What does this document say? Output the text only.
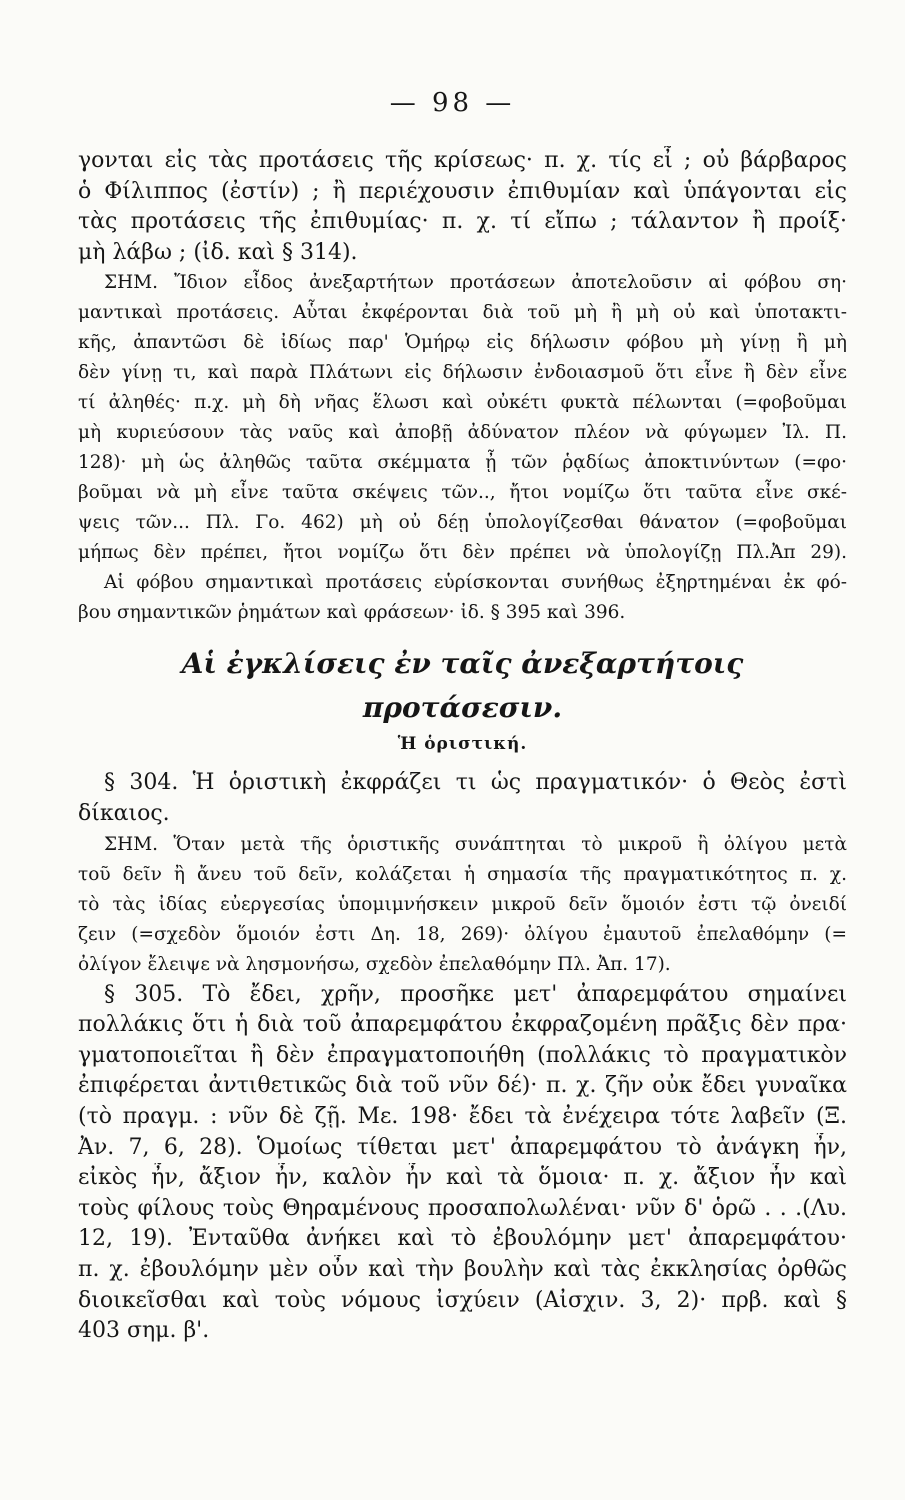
— 98 —

γονται εἰς τὰς προτάσεις τῆς κρίσεως· π. χ. τίς εἶ ; οὐ βάρβαρος

ὁ Φίλιππος (ἐστίν) ; ἢ περιέχουσιν ἐπιθυμίαν καὶ ὑπάγονται εἰς

τὰς προτάσεις τῆς ἐπιθυμίας· π. χ. τί εἴπω ; τάλαντον ἢ προίξ·

μὴ λάβω ; (ἰδ. καὶ § 314).

ΣΗΜ. Ἴδιον εἶδος ἀνεξαρτήτων προτάσεων ἀποτελοῦσιν αἱ φόβου ση·

μαντικαὶ προτάσεις. Αὗται ἐκφέρονται διὰ τοῦ μὴ ἢ μὴ οὐ καὶ ὑποτακτι-

κῆς, ἀπαντῶσι δὲ ἰδίως παρ' Ὁμήρῳ εἰς δήλωσιν φόβου μὴ γίνῃ ἢ μὴ

δὲν γίνῃ τι, καὶ παρὰ Πλάτωνι εἰς δήλωσιν ἐνδοιασμοῦ ὅτι εἶνε ἢ δὲν εἶνε

τί ἀληθές· π.χ. μὴ δὴ νῆας ἕλωσι καὶ οὐκέτι φυκτὰ πέλωνται (=φοβοῦμαι

μὴ κυριεύσουν τὰς ναῦς καὶ ἀποβῇ ἀδύνατον πλέον νὰ φύγωμεν Ἰλ. Π.

128)· μὴ ὡς ἀληθῶς ταῦτα σκέμματα ᾖ τῶν ῥᾳδίως ἀποκτινύντων (=φο·

βοῦμαι νὰ μὴ εἶνε ταῦτα σκέψεις τῶν.., ἤτοι νομίζω ὅτι ταῦτα εἶνε σκέ-

ψεις τῶν... Πλ. Γο. 462) μὴ οὐ δέῃ ὑπολογίζεσθαι θάνατον (=φοβοῦμαι

μήπως δὲν πρέπει, ἤτοι νομίζω ὅτι δὲν πρέπει νὰ ὑπολογίζῃ Πλ.Ἀπ 29).

Αἱ φόβου σημαντικαὶ προτάσεις εὑρίσκονται συνήθως ἐξηρτημέναι ἐκ φό-

βου σημαντικῶν ῥημάτων καὶ φράσεων· ἰδ. § 395 καὶ 396.

Αἱ ἐγκλίσεις ἐν ταῖς ἀνεξαρτήτοις προτάσεσιν.

Ἡ ὁριστική.

§ 304. Ἡ ὁριστικὴ ἐκφράζει τι ὡς πραγματικόν· ὁ Θεὸς ἐστὶ

δίκαιος.

ΣΗΜ. Ὅταν μετὰ τῆς ὁριστικῆς συνάπτηται τὸ μικροῦ ἢ ὀλίγου μετὰ

τοῦ δεῖν ἢ ἄνευ τοῦ δεῖν, κολάζεται ἡ σημασία τῆς πραγματικότητος π. χ.

τὸ τὰς ἰδίας εὐεργεσίας ὑπομιμνήσκειν μικροῦ δεῖν ὅμοιόν ἐστι τῷ ὀνειδί

ζειν (=σχεδὸν ὅμοιόν ἐστι Δη. 18, 269)· ὀλίγου ἐμαυτοῦ ἐπελαθόμην (=

ὀλίγον ἔλειψε νὰ λησμονήσω, σχεδὸν ἐπελαθόμην Πλ. Ἀπ. 17).

§ 305. Τὸ ἔδει, χρῆν, προσῆκε μετ' ἀπαρεμφάτου σημαίνει

πολλάκις ὅτι ἡ διὰ τοῦ ἀπαρεμφάτου ἐκφραζομένη πρᾶξις δὲν πρα·

γματοποιεῖται ἢ δὲν ἐπραγματοποιήθη (πολλάκις τὸ πραγματικὸν

ἐπιφέρεται ἀντιθετικῶς διὰ τοῦ νῦν δέ)· π. χ. ζῆν οὐκ ἔδει γυναῖκα

(τὸ πραγμ. : νῦν δὲ ζῇ. Με. 198· ἔδει τὰ ἐνέχειρα τότε λαβεῖν (Ξ.

Ἀν. 7, 6, 28). Ὁμοίως τίθεται μετ' ἀπαρεμφάτου τὸ ἀνάγκη ἦν,

εἰκὸς ἦν, ἄξιον ἦν, καλὸν ἦν καὶ τὰ ὅμοια· π. χ. ἄξιον ἦν καὶ

τοὺς φίλους τοὺς Θηραμένους προσαπολωλέναι· νῦν δ' ὁρῶ . . .(Λυ.

12, 19). Ἐνταῦθα ἀνήκει καὶ τὸ ἐβουλόμην μετ' ἀπαρεμφάτου·

π. χ. ἐβουλόμην μὲν οὖν καὶ τὴν βουλὴν καὶ τὰς ἐκκλησίας ὀρθῶς

διοικεῖσθαι καὶ τοὺς νόμους ἰσχύειν (Αἰσχιν. 3, 2)· πρβ. καὶ §

403 σημ. β'.
